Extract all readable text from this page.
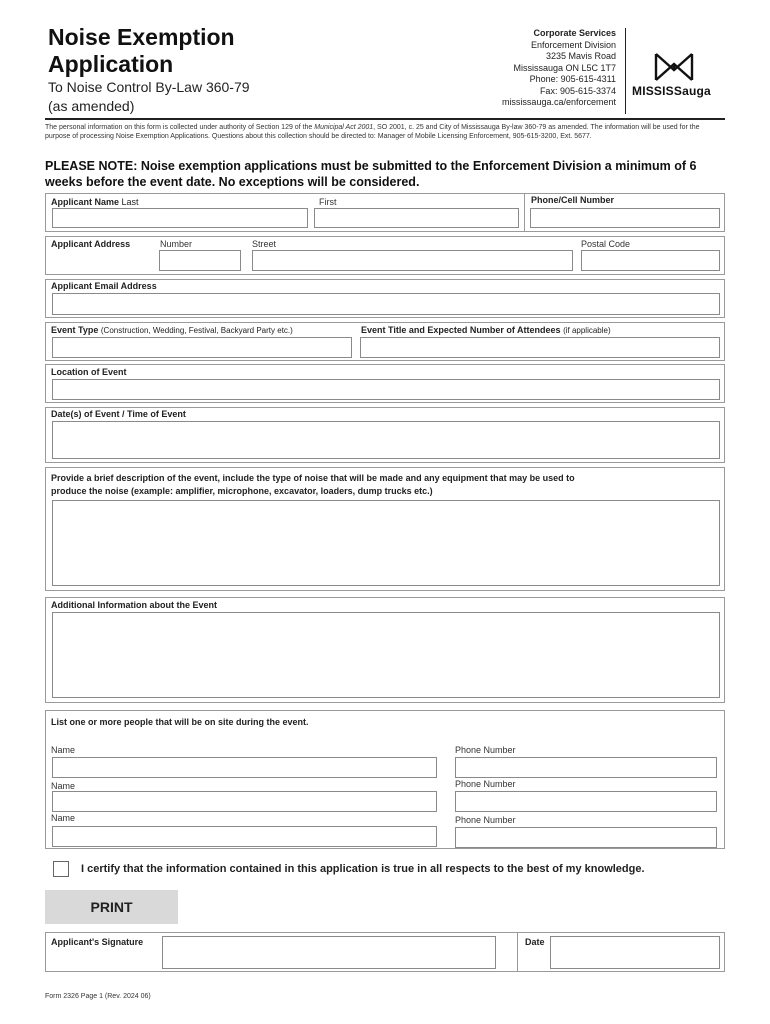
Noise Exemption
Application
To Noise Control By-Law 360-79
(as amended)
Corporate Services
Enforcement Division
3235 Mavis Road
Mississauga ON L5C 1T7
Phone: 905-615-4311
Fax: 905-615-3374
mississauga.ca/enforcement
MISSISSauga
The personal information on this form is collected under authority of Section 129 of the Municipal Act 2001, SO 2001, c. 25 and City of Mississauga By-law 360-79 as amended. The information will be used for the purpose of processing Noise Exemption Applications. Questions about this collection should be directed to: Manager of Mobile Licensing Enforcement, 905-615-3200, Ext. 5677.
PLEASE NOTE: Noise exemption applications must be submitted to the Enforcement Division a minimum of 6 weeks before the event date. No exceptions will be considered.
Applicant Name Last	First	Phone/Cell Number
Applicant Address	Number	Street	Postal Code
Applicant Email Address
Event Type (Construction, Wedding, Festival, Backyard Party etc.)	Event Title and Expected Number of Attendees (if applicable)
Location of Event
Date(s) of Event / Time of Event
Provide a brief description of the event, include the type of noise that will be made and any equipment that may be used to
produce the noise (example: amplifier, microphone, excavator, loaders, dump trucks etc.)
Additional Information about the Event
List one or more people that will be on site during the event.
Name	Phone Number
Name	Phone Number
Name	Phone Number
I certify that the information contained in this application is true in all respects to the best of my knowledge.
PRINT
Applicant's Signature	Date
Form 2326 Page 1 (Rev. 2024 06)
